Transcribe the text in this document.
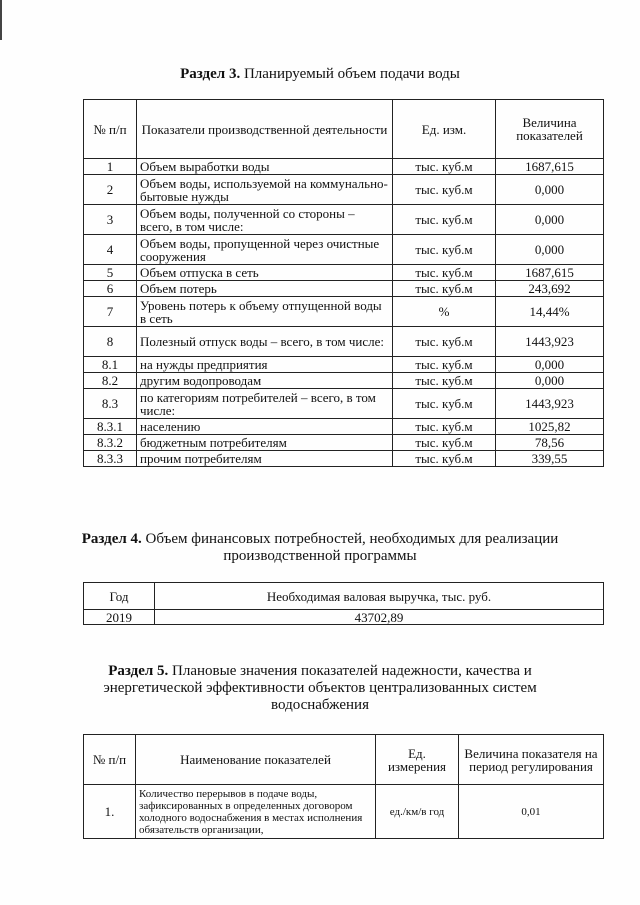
Раздел 3. Планируемый объем подачи воды
№ п/п	Показатели производственной деятельности	Ед. изм.	Величина показателей
1	Объем выработки воды	тыс. куб.м	1687,615
2	Объем воды, используемой на коммунально-бытовые нужды	тыс. куб.м	0,000
3	Объем воды, полученной со стороны – всего, в том числе:	тыс. куб.м	0,000
4	Объем воды, пропущенной через очистные сооружения	тыс. куб.м	0,000
5	Объем отпуска в сеть	тыс. куб.м	1687,615
6	Объем потерь	тыс. куб.м	243,692
7	Уровень потерь к объему отпущенной воды в сеть	%	14,44%
8	Полезный отпуск воды – всего, в том числе:	тыс. куб.м	1443,923
8.1	на нужды предприятия	тыс. куб.м	0,000
8.2	другим водопроводам	тыс. куб.м	0,000
8.3	по категориям потребителей – всего, в том числе:	тыс. куб.м	1443,923
8.3.1	населению	тыс. куб.м	1025,82
8.3.2	бюджетным потребителям	тыс. куб.м	78,56
8.3.3	прочим потребителям	тыс. куб.м	339,55
Раздел 4. Объем финансовых потребностей, необходимых для реализации
производственной программы
Год	Необходимая валовая выручка, тыс. руб.
2019	43702,89
Раздел 5. Плановые значения показателей надежности, качества и
энергетической эффективности объектов централизованных систем
водоснабжения
№ п/п	Наименование показателей	Ед. измерения	Величина показателя на период регулирования
1.	Количество перерывов в подаче воды, зафиксированных в определенных договором холодного водоснабжения в местах исполнения обязательств организации,	ед./км/в год	0,01
